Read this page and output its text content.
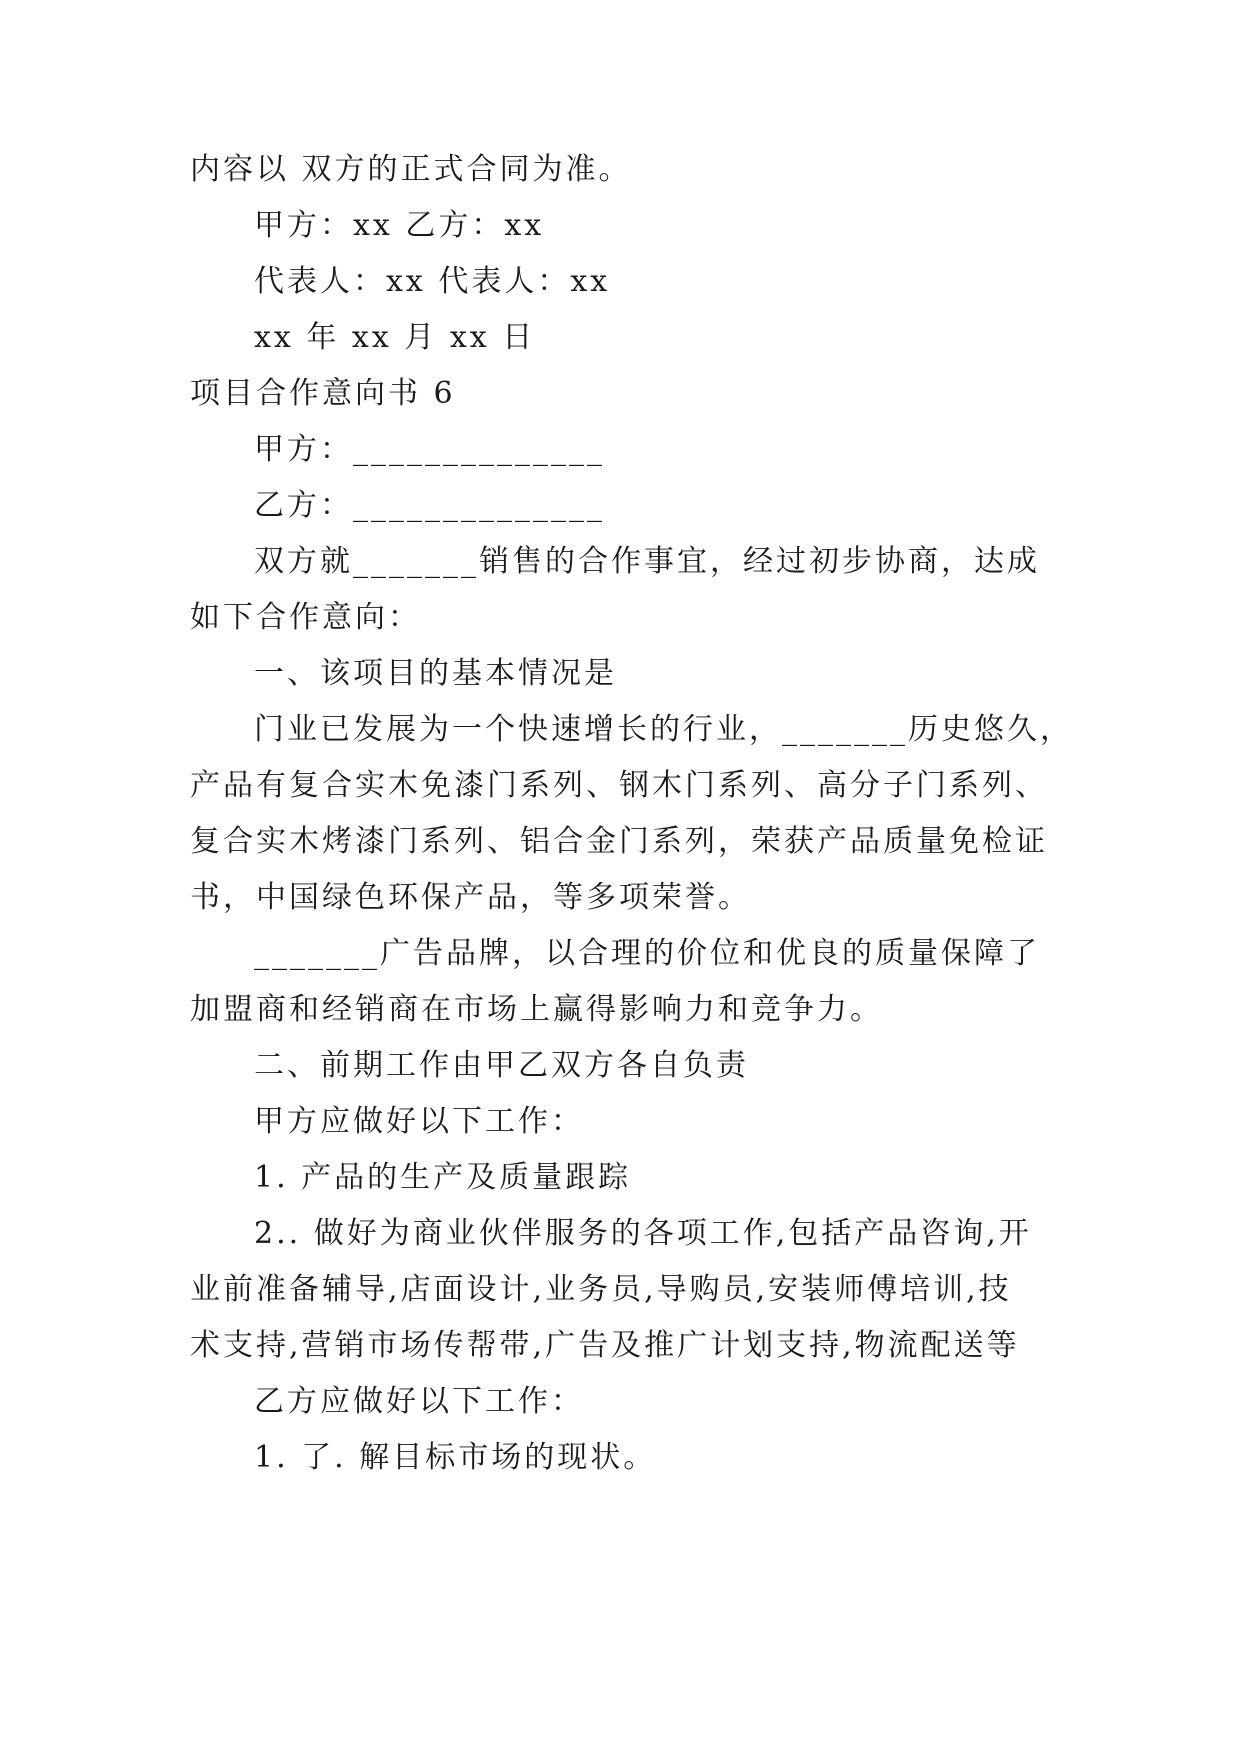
内容以 双方的正式合同为准。
甲方：xx 乙方：xx
代表人：xx 代表人：xx
xx 年 xx 月 xx 日
项目合作意向书 6
甲方：______________
乙方：______________
双方就_______销售的合作事宜，经过初步协商，达成
如下合作意向：
一、该项目的基本情况是
门业已发展为一个快速增长的行业，_______历史悠久，
产品有复合实木免漆门系列、钢木门系列、高分子门系列、
复合实木烤漆门系列、铝合金门系列，荣获产品质量免检证
书，中国绿色环保产品，等多项荣誉。
_______广告品牌，以合理的价位和优良的质量保障了
加盟商和经销商在市场上赢得影响力和竞争力。
二、前期工作由甲乙双方各自负责
甲方应做好以下工作：
1. 产品的生产及质量跟踪
2.. 做好为商业伙伴服务的各项工作,包括产品咨询,开
业前准备辅导,店面设计,业务员,导购员,安装师傅培训,技
术支持,营销市场传帮带,广告及推广计划支持,物流配送等
乙方应做好以下工作：
1. 了. 解目标市场的现状。
